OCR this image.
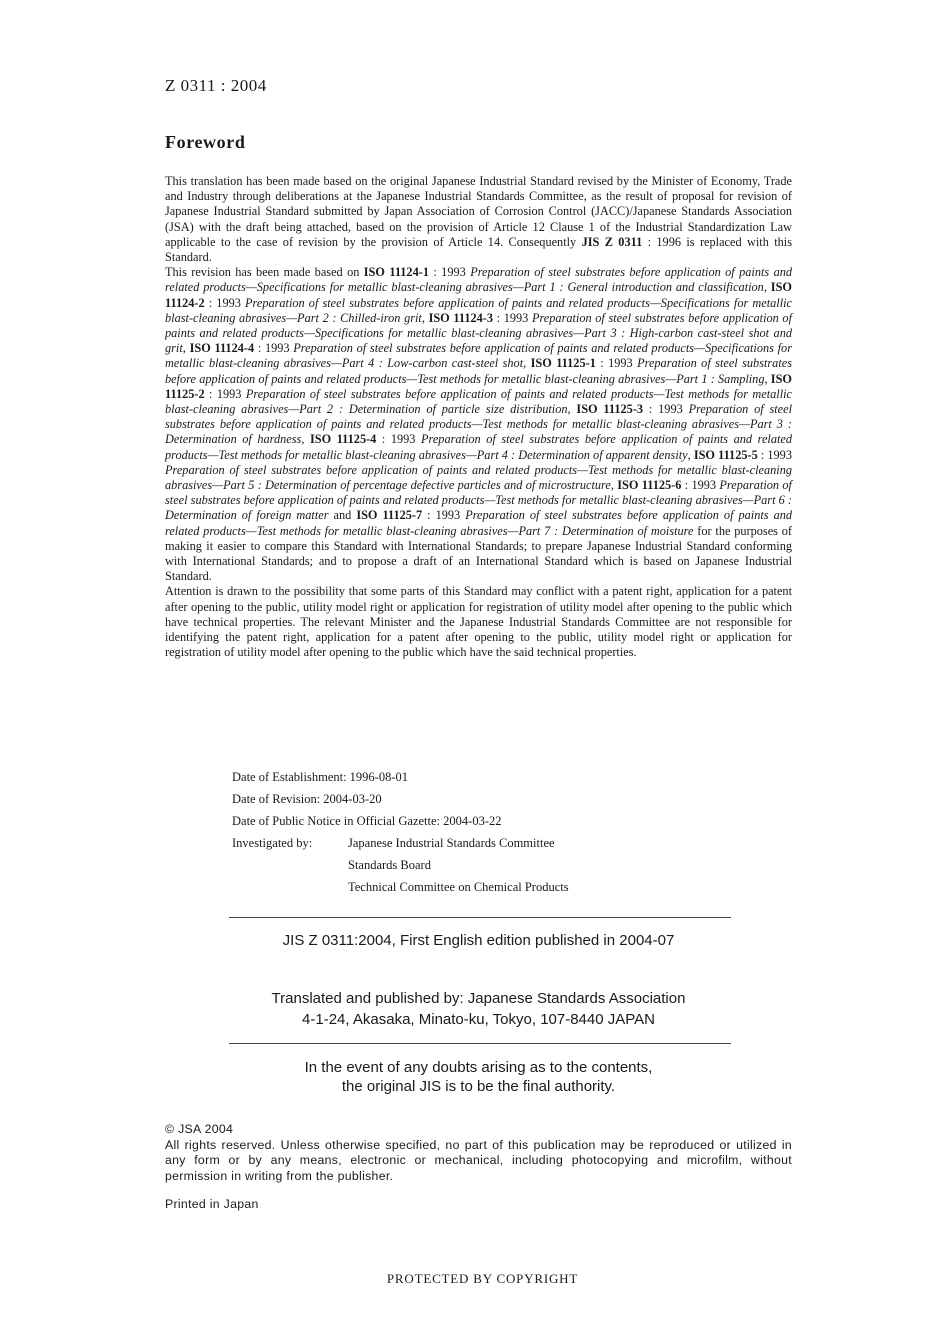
Z 0311 : 2004
Foreword

This translation has been made based on the original Japanese Industrial Standard revised by the Minister of Economy, Trade and Industry through deliberations at the Japanese Industrial Standards Committee, as the result of proposal for revision of Japanese Industrial Standard submitted by Japan Association of Corrosion Control (JACC)/Japanese Standards Association (JSA) with the draft being attached, based on the provision of Article 12 Clause 1 of the Industrial Standardization Law applicable to the case of revision by the provision of Article 14. Consequently JIS Z 0311 : 1996 is replaced with this Standard.

This revision has been made based on ISO 11124-1 : 1993 Preparation of steel substrates before application of paints and related products—Specifications for metallic blast-cleaning abrasives—Part 1 : General introduction and classification, ISO 11124-2 : 1993 Preparation of steel substrates before application of paints and related products—Specifications for metallic blast-cleaning abrasives—Part 2 : Chilled-iron grit, ISO 11124-3 : 1993 Preparation of steel substrates before application of paints and related products—Specifications for metallic blast-cleaning abrasives—Part 3 : High-carbon cast-steel shot and grit, ISO 11124-4 : 1993 Preparation of steel substrates before application of paints and related products—Specifications for metallic blast-cleaning abrasives—Part 4 : Low-carbon cast-steel shot, ISO 11125-1 : 1993 Preparation of steel substrates before application of paints and related products—Test methods for metallic blast-cleaning abrasives—Part 1 : Sampling, ISO 11125-2 : 1993 Preparation of steel substrates before application of paints and related products—Test methods for metallic blast-cleaning abrasives—Part 2 : Determination of particle size distribution, ISO 11125-3 : 1993 Preparation of steel substrates before application of paints and related products—Test methods for metallic blast-cleaning abrasives—Part 3 : Determination of hardness, ISO 11125-4 : 1993 Preparation of steel substrates before application of paints and related products—Test methods for metallic blast-cleaning abrasives—Part 4 : Determination of apparent density, ISO 11125-5 : 1993 Preparation of steel substrates before application of paints and related products—Test methods for metallic blast-cleaning abrasives—Part 5 : Determination of percentage defective particles and of microstructure, ISO 11125-6 : 1993 Preparation of steel substrates before application of paints and related products—Test methods for metallic blast-cleaning abrasives—Part 6 : Determination of foreign matter and ISO 11125-7 : 1993 Preparation of steel substrates before application of paints and related products—Test methods for metallic blast-cleaning abrasives—Part 7 : Determination of moisture for the purposes of making it easier to compare this Standard with International Standards; to prepare Japanese Industrial Standard conforming with International Standards; and to propose a draft of an International Standard which is based on Japanese Industrial Standard.

Attention is drawn to the possibility that some parts of this Standard may conflict with a patent right, application for a patent after opening to the public, utility model right or application for registration of utility model after opening to the public which have technical properties. The relevant Minister and the Japanese Industrial Standards Committee are not responsible for identifying the patent right, application for a patent after opening to the public, utility model right or application for registration of utility model after opening to the public which have the said technical properties.

Date of Establishment: 1996-08-01
Date of Revision: 2004-03-20
Date of Public Notice in Official Gazette: 2004-03-22
Investigated by:	Japanese Industrial Standards Committee
Standards Board
Technical Committee on Chemical Products
JIS Z 0311:2004, First English edition published in 2004-07
Translated and published by: Japanese Standards Association
4-1-24, Akasaka, Minato-ku, Tokyo, 107-8440 JAPAN
In the event of any doubts arising as to the contents,
the original JIS is to be the final authority.

© JSA 2004

All rights reserved. Unless otherwise specified, no part of this publication may be reproduced or utilized in any form or by any means, electronic or mechanical, including photocopying and microfilm, without permission in writing from the publisher.

Printed in Japan
PROTECTED BY COPYRIGHT
